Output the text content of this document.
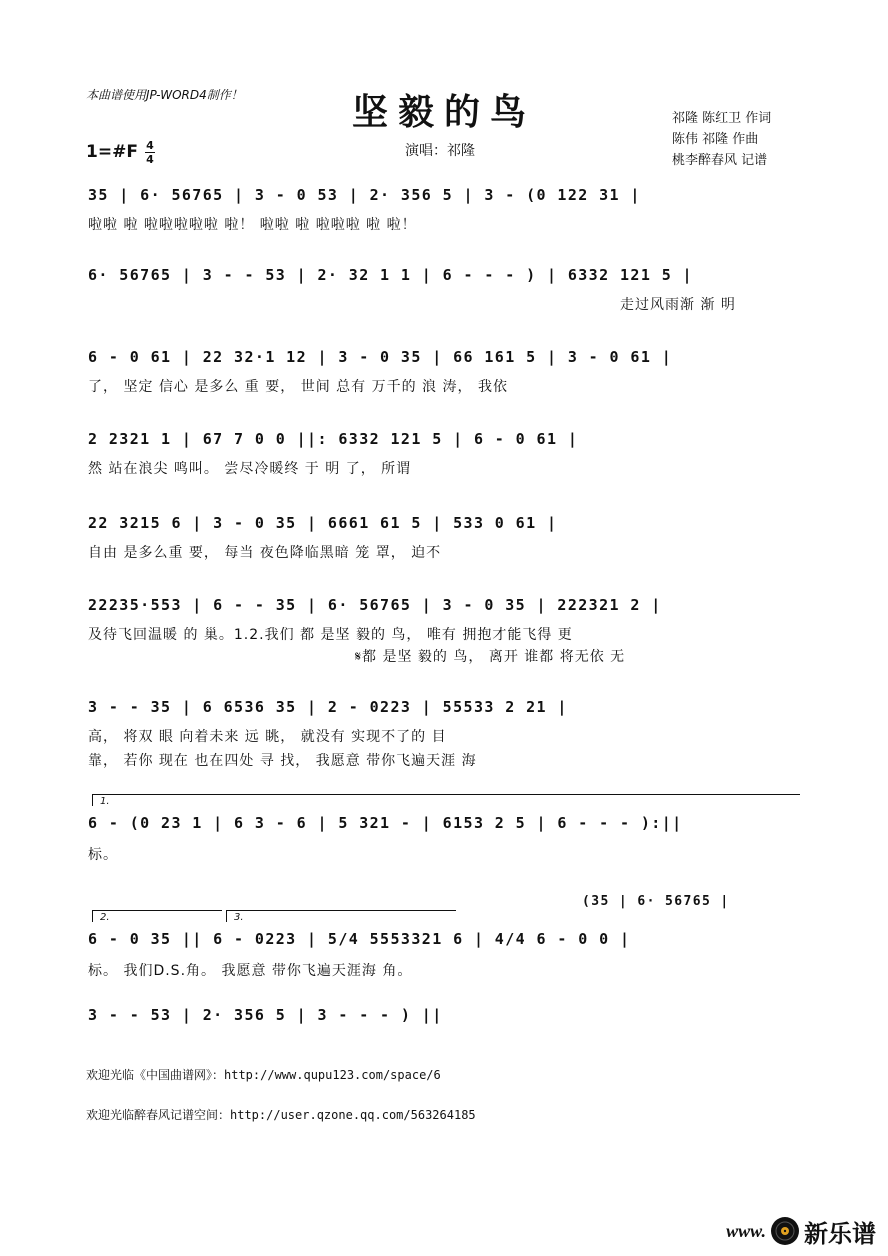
本曲谱使用JP-WORD4制作！	坚毅的鸟
1=#F 4
4
演唱：祁隆
祁隆 陈红卫 作词
陈伟 祁隆 作曲
桃李醉春风 记谱
35 | 6· 56765 | 3 - 0 53 | 2· 356 5 | 3 - (0 122 31 |
啦啦 啦 啦啦啦啦啦 啦！ 啦啦 啦 啦啦啦 啦 啦！
6· 56765 | 3 - - 53 | 2· 32 1 1 | 6 - - - ) | 6332 121 5 |
走过风雨渐 渐 明
6 - 0 61 | 22 32·1 12 | 3 - 0 35 | 66 161 5 | 3 - 0 61 |
了， 坚定 信心 是多么 重 要， 世间 总有 万千的 浪 涛， 我依
2 2321 1 | 67 7 0 0 ||: 6332 121 5 | 6 - 0 61 |
然 站在浪尖 鸣叫。 尝尽冷暖终 于 明 了， 所谓
22 3215 6 | 3 - 0 35 | 6661 61 5 | 533 0 61 |
自由 是多么重 要， 每当 夜色降临黑暗 笼 罩， 迫不
22235·553 | 6 - - 35 | 6· 56765 | 3 - 0 35 | 222321 2 |
及待飞回温暖 的 巢。1.2.我们 都 是坚 毅的 鸟， 唯有 拥抱才能飞得 更
𝄋都 是坚 毅的 鸟， 离开 谁都 将无依 无
3 - - 35 | 6 6536 35 | 2 - 0223 | 55533 2 21 |
高， 将双 眼 向着未来 远 眺， 就没有 实现不了的 目
靠， 若你 现在 也在四处 寻 找， 我愿意 带你飞遍天涯 海
1.
6 - (0 23 1 | 6 3 - 6 | 5 321 - | 6153 2 5 | 6 - - - ):||
标。
(35 | 6· 56765 |
2.	3.
6 - 0 35 || 6 - 0223 | 5/4 5553321 6 | 4/4 6 - 0 0 |
标。 我们D.S.角。 我愿意 带你飞遍天涯海 角。
3 - - 53 | 2· 356 5 | 3 - - - ) ||
欢迎光临《中国曲谱网》：http://www.qupu123.com/space/6
欢迎光临醉春风记谱空间：http://user.qzone.qq.com/563264185
www. 新乐谱
